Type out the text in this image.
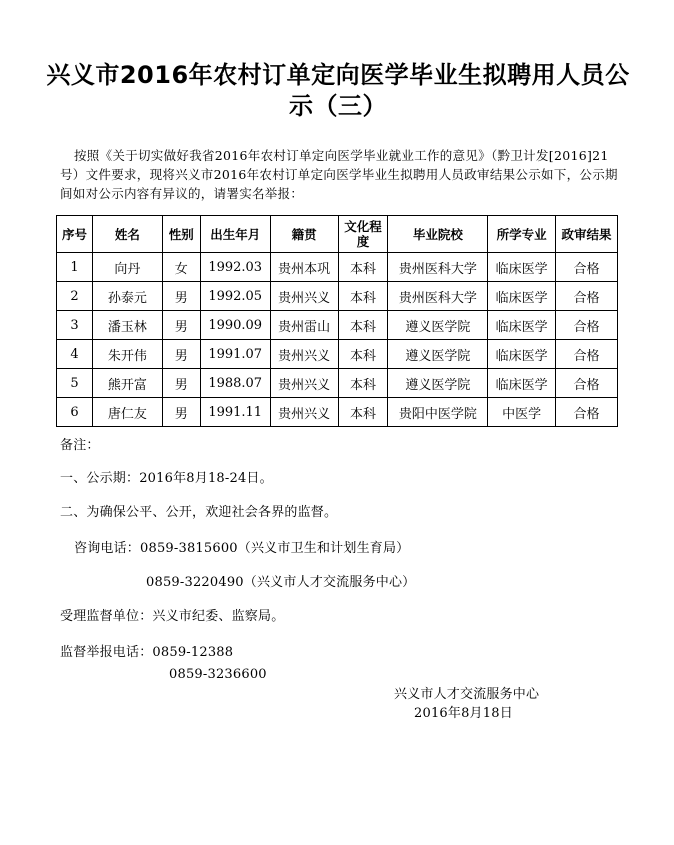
兴义市2016年农村订单定向医学毕业生拟聘用人员公示（三）
按照《关于切实做好我省2016年农村订单定向医学毕业就业工作的意见》（黔卫计发[2016]21号）文件要求，现将兴义市2016年农村订单定向医学毕业生拟聘用人员政审结果公示如下，公示期间如对公示内容有异议的，请署实名举报：
序号	姓名	性别	出生年月	籍贯	文化程度	毕业院校	所学专业	政审结果
1	向丹	女	1992.03	贵州本巩	本科	贵州医科大学	临床医学	合格
2	孙泰元	男	1992.05	贵州兴义	本科	贵州医科大学	临床医学	合格
3	潘玉林	男	1990.09	贵州雷山	本科	遵义医学院	临床医学	合格
4	朱开伟	男	1991.07	贵州兴义	本科	遵义医学院	临床医学	合格
5	熊开富	男	1988.07	贵州兴义	本科	遵义医学院	临床医学	合格
6	唐仁友	男	1991.11	贵州兴义	本科	贵阳中医学院	中医学	合格
备注：
一、公示期：2016年8月18-24日。
二、为确保公平、公开，欢迎社会各界的监督。
咨询电话：0859-3815600（兴义市卫生和计划生育局）
0859-3220490（兴义市人才交流服务中心）
受理监督单位：兴义市纪委、监察局。
监督举报电话：0859-12388
0859-3236600
兴义市人才交流服务中心
2016年8月18日
